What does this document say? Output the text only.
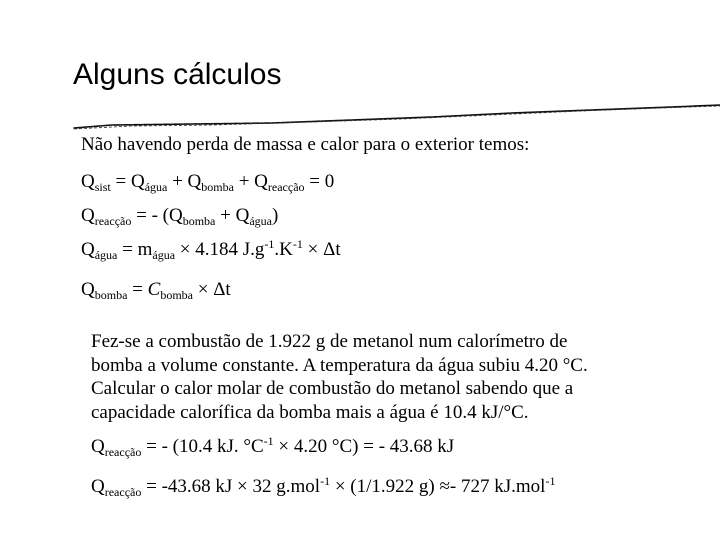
Alguns cálculos
Não havendo perda de massa e calor para o exterior temos:
$Q_{sist} = Q_{água} + Q_{bomba} + Q_{reacção} = 0$
$Q_{reacção}$ = - $(Q_{bomba} + Q_{água})$
$Q_{água} = m_{água} \times 4.184$ $J.g^{-1}.K^{-1} \times \Delta t$
$Q_{bomba} = C_{bomba} \times \Delta t$
Fez-se a combustão de 1.922 g de metanol num calorímetro de
bomba a volume constante. A temperatura da água subiu 4.20 °C.
Calcular o calor molar de combustão do metanol sabendo que a
capacidade calorífica da bomba mais a água é 10.4 kJ/°C.
$Q_{reacção}$ = - (10.4 kJ. $^\circ C^{-1} \times 4.20$ °C) = - 43.68 kJ
$Q_{reacção} = -43.68$ kJ × 32 g.mol$^{-1}$ × (1/1.922 g) ≈- 727 kJ.mol$^{-1}$
